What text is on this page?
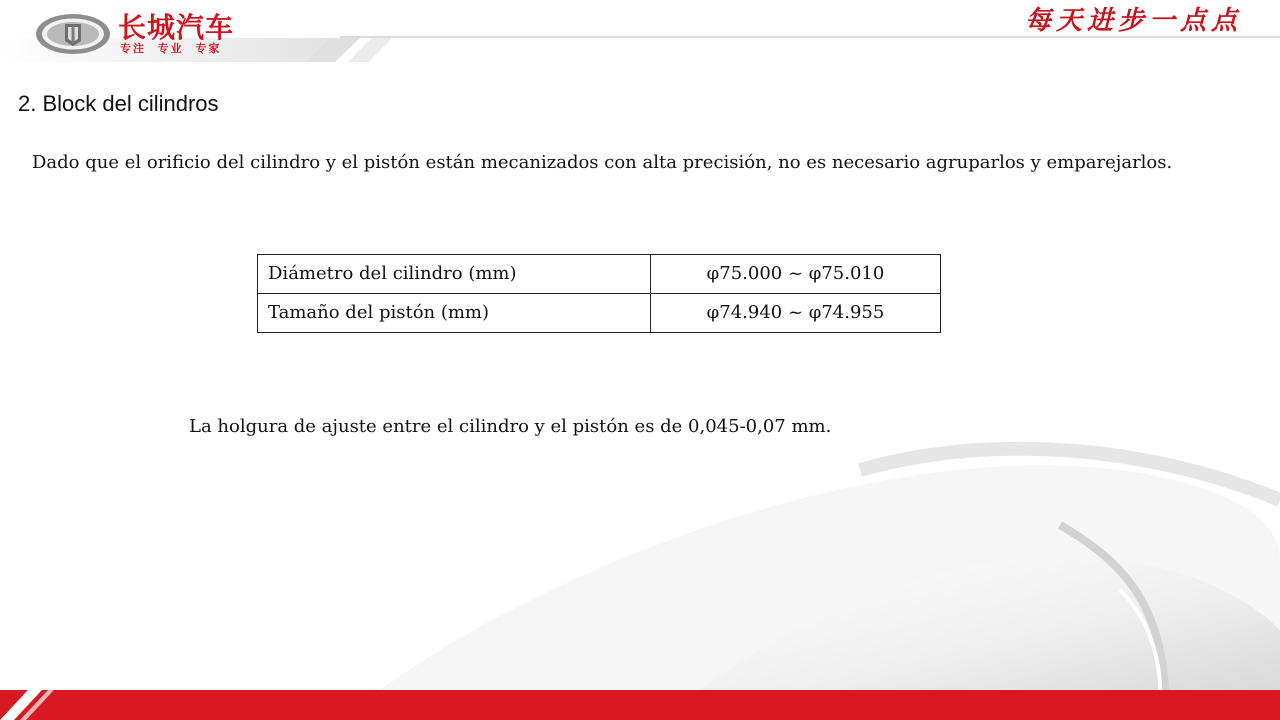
长城汽车
专注  专业  专家
每天进步一点点
2. Block del cilindros
Dado que el orificio del cilindro y el pistón están mecanizados con alta precisión, no es necesario agruparlos y emparejarlos.
Diámetro del cilindro (mm)	φ75.000 ~ φ75.010
Tamaño del pistón (mm)	φ74.940 ~ φ74.955
La holgura de ajuste entre el cilindro y el pistón es de 0,045-0,07 mm.
